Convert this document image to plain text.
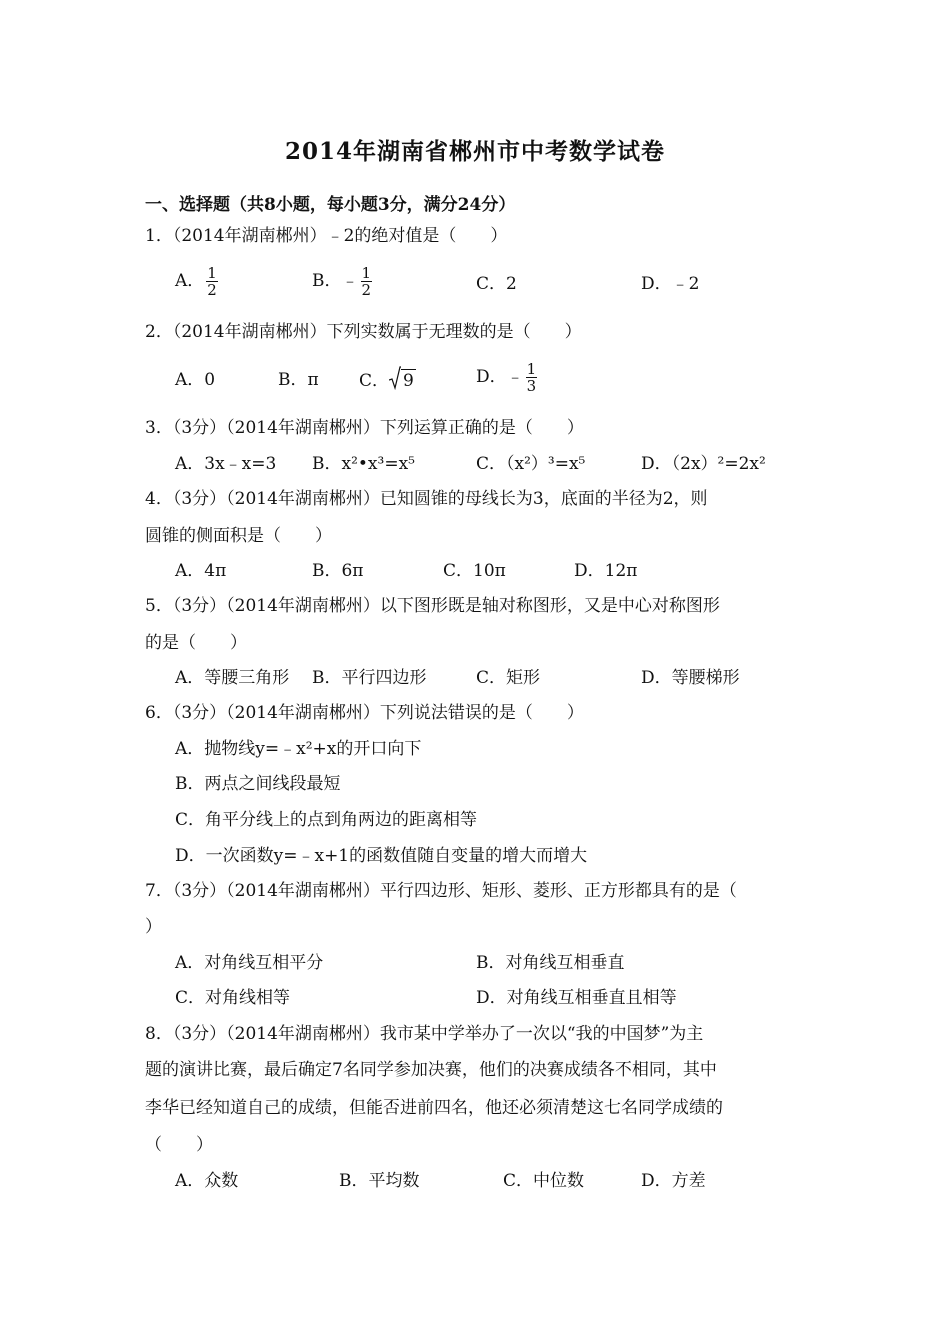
2014年湖南省郴州市中考数学试卷
一、选择题（共8小题，每小题3分，满分24分）
1．（2014年湖南郴州）﹣2的绝对值是（　　）
A． $\frac{1}{2}$	B．﹣ $\frac{1}{2}$	C．2	D．﹣2
2．（2014年湖南郴州）下列实数属于无理数的是（　　）
A．0	B．π C． 9	D．﹣ $\frac{1}{3}$
3．（3分）（2014年湖南郴州）下列运算正确的是（　　）
A．3x﹣x=3 B．x²•x³=x⁵	C．（x²）³=x⁵	D．（2x）²=2x²
4．（3分）（2014年湖南郴州）已知圆锥的母线长为3，底面的半径为2，则
圆锥的侧面积是（　　）
A．4π	B．6π	C．10π	D．12π
5．（3分）（2014年湖南郴州）以下图形既是轴对称图形，又是中心对称图形
的是（　　）
A．等腰三角形 B．平行四边形	C．矩形	D．等腰梯形
6．（3分）（2014年湖南郴州）下列说法错误的是（　　）
A．抛物线y=﹣x²+x的开口向下
B．两点之间线段最短
C．角平分线上的点到角两边的距离相等
D．一次函数y=﹣x+1的函数值随自变量的增大而增大
7．（3分）（2014年湖南郴州）平行四边形、矩形、菱形、正方形都具有的是（
）
A．对角线互相平分	B．对角线互相垂直
C．对角线相等	D．对角线互相垂直且相等
8．（3分）（2014年湖南郴州）我市某中学举办了一次以“我的中国梦”为主
题的演讲比赛，最后确定7名同学参加决赛，他们的决赛成绩各不相同，其中
李华已经知道自己的成绩，但能否进前四名，他还必须清楚这七名同学成绩的
（　　）
A．众数	B．平均数	C．中位数	D．方差
